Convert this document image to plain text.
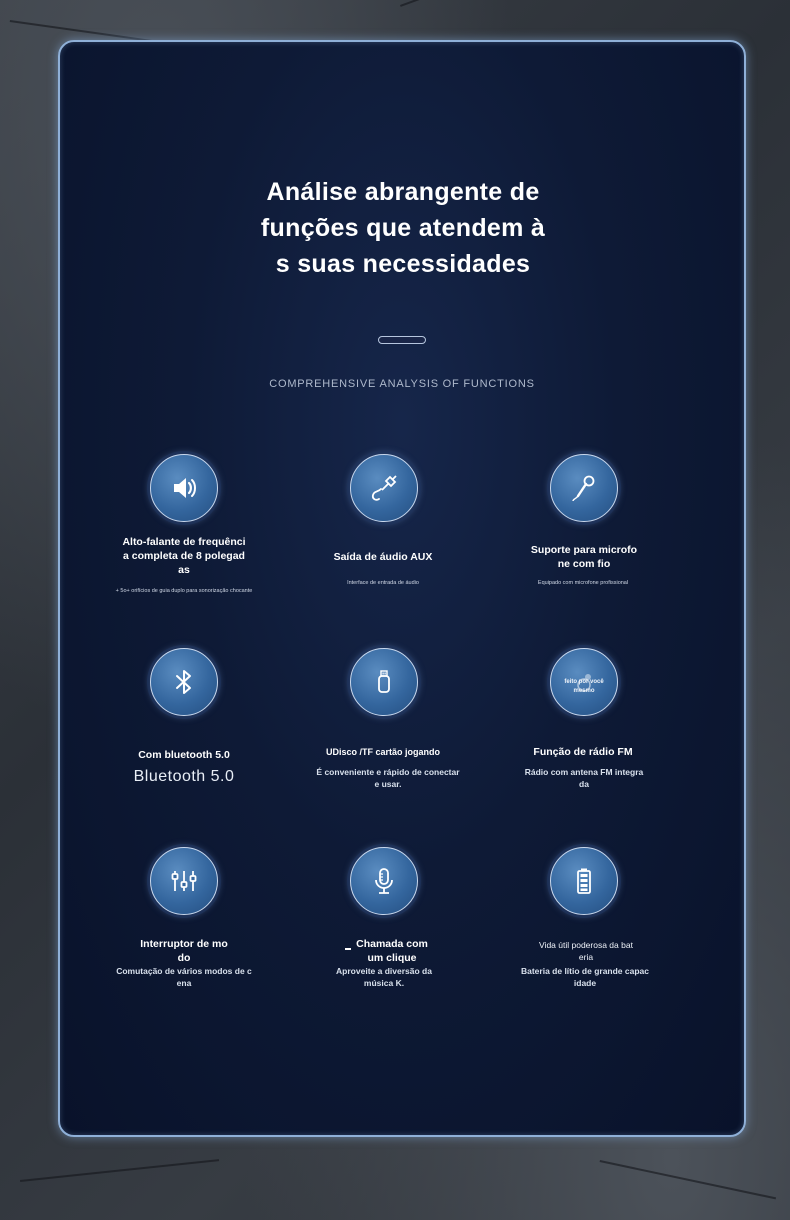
Análise abrangente de funções que atendem às suas necessidades
COMPREHENSIVE ANALYSIS OF FUNCTIONS
Alto-falante de frequência completa de 8 polegadas
+ 5o+ orifícios de guia duplo para sonorização chocante
Saída de áudio AUX
Interface de entrada de áudio
Suporte para microfone com fio
Equipado com microfone profissional
Com bluetooth 5.0
Bluetooth 5.0
UDisco /TF cartão jogando
É conveniente e rápido de conectar e usar.
feito por você mesmo
Função de rádio FM
Rádio com antena FM integrada
Interruptor de modo
Comutação de vários modos de cena
Chamada com um clique
Aproveite a diversão da música K.
Vida útil poderosa da bateria
Bateria de lítio de grande capacidade
